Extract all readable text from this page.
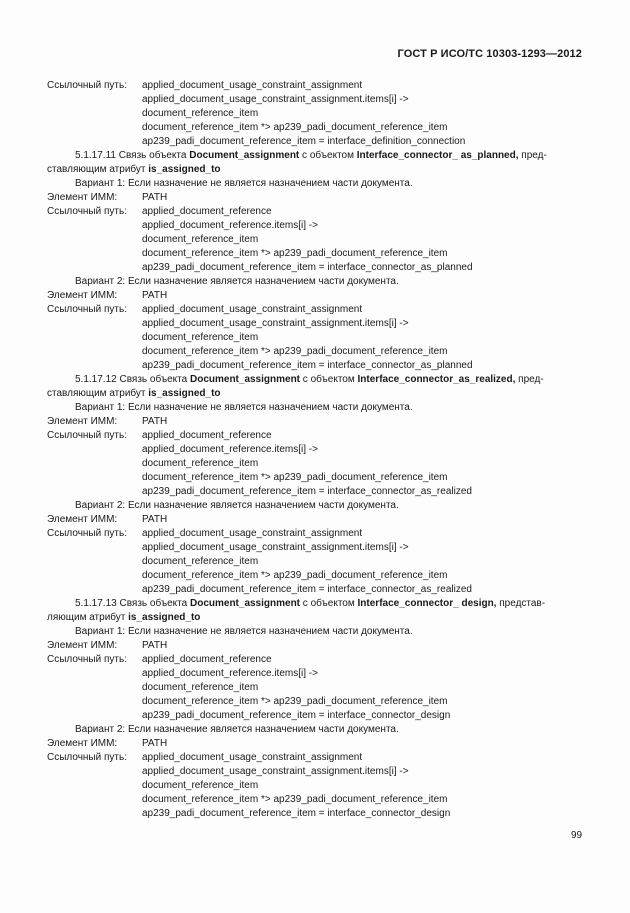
ГОСТ Р ИСО/ТС 10303-1293—2012
Ссылочный путь: applied_document_usage_constraint_assignment
applied_document_usage_constraint_assignment.items[i] ->
document_reference_item
document_reference_item *> ap239_padi_document_reference_item
ap239_padi_document_reference_item = interface_definition_connection
5.1.17.11 Связь объекта Document_assignment с объектом Interface_connector_ as_planned, пред-
ставляющим атрибут is_assigned_to
Вариант 1: Если назначение не является назначением части документа.
Элемент ИММ: PATH
Ссылочный путь: applied_document_reference
applied_document_reference.items[i] ->
document_reference_item
document_reference_item *> ap239_padi_document_reference_item
ap239_padi_document_reference_item = interface_connector_as_planned
Вариант 2: Если назначение является назначением части документа.
Элемент ИММ: PATH
Ссылочный путь: applied_document_usage_constraint_assignment
applied_document_usage_constraint_assignment.items[i] ->
document_reference_item
document_reference_item *> ap239_padi_document_reference_item
ap239_padi_document_reference_item = interface_connector_as_planned
5.1.17.12 Связь объекта Document_assignment с объектом Interface_connector_as_realized, пред-
ставляющим атрибут is_assigned_to
Вариант 1: Если назначение не является назначением части документа.
Элемент ИММ: PATH
Ссылочный путь: applied_document_reference
applied_document_reference.items[i] ->
document_reference_item
document_reference_item *> ap239_padi_document_reference_item
ap239_padi_document_reference_item = interface_connector_as_realized
Вариант 2: Если назначение является назначением части документа.
Элемент ИММ: PATH
Ссылочный путь: applied_document_usage_constraint_assignment
applied_document_usage_constraint_assignment.items[i] ->
document_reference_item
document_reference_item *> ap239_padi_document_reference_item
ap239_padi_document_reference_item = interface_connector_as_realized
5.1.17.13 Связь объекта Document_assignment с объектом Interface_connector_ design, представ-
ляющим атрибут is_assigned_to
Вариант 1: Если назначение не является назначением части документа.
Элемент ИММ: PATH
Ссылочный путь: applied_document_reference
applied_document_reference.items[i] ->
document_reference_item
document_reference_item *> ap239_padi_document_reference_item
ap239_padi_document_reference_item = interface_connector_design
Вариант 2: Если назначение является назначением части документа.
Элемент ИММ: PATH
Ссылочный путь: applied_document_usage_constraint_assignment
applied_document_usage_constraint_assignment.items[i] ->
document_reference_item
document_reference_item *> ap239_padi_document_reference_item
ap239_padi_document_reference_item = interface_connector_design
99
